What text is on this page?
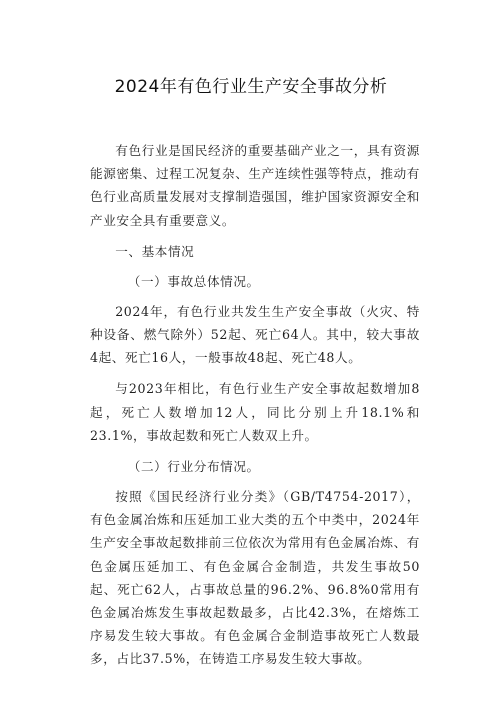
2024年有色行业生产安全事故分析

有色行业是国民经济的重要基础产业之一，具有资源能源密集、过程工况复杂、生产连续性强等特点，推动有色行业高质量发展对支撑制造强国，维护国家资源安全和产业安全具有重要意义。

一、基本情况

（一）事故总体情况。

2024年，有色行业共发生生产安全事故（火灾、特种设备、燃气除外）52起、死亡64人。其中，较大事故4起、死亡16人，一般事故48起、死亡48人。

与2023年相比，有色行业生产安全事故起数增加8起，死亡人数增加12人，同比分别上升18.1%和23.1%，事故起数和死亡人数双上升。

（二）行业分布情况。

按照《国民经济行业分类》（GB/T4754-2017），有色金属冶炼和压延加工业大类的五个中类中，2024年生产安全事故起数排前三位依次为常用有色金属冶炼、有色金属压延加工、有色金属合金制造，共发生事故50起、死亡62人，占事故总量的96.2%、96.8%0常用有色金属冶炼发生事故起数最多，占比42.3%，在熔炼工序易发生较大事故。有色金属合金制造事故死亡人数最多，占比37.5%，在铸造工序易发生较大事故。
